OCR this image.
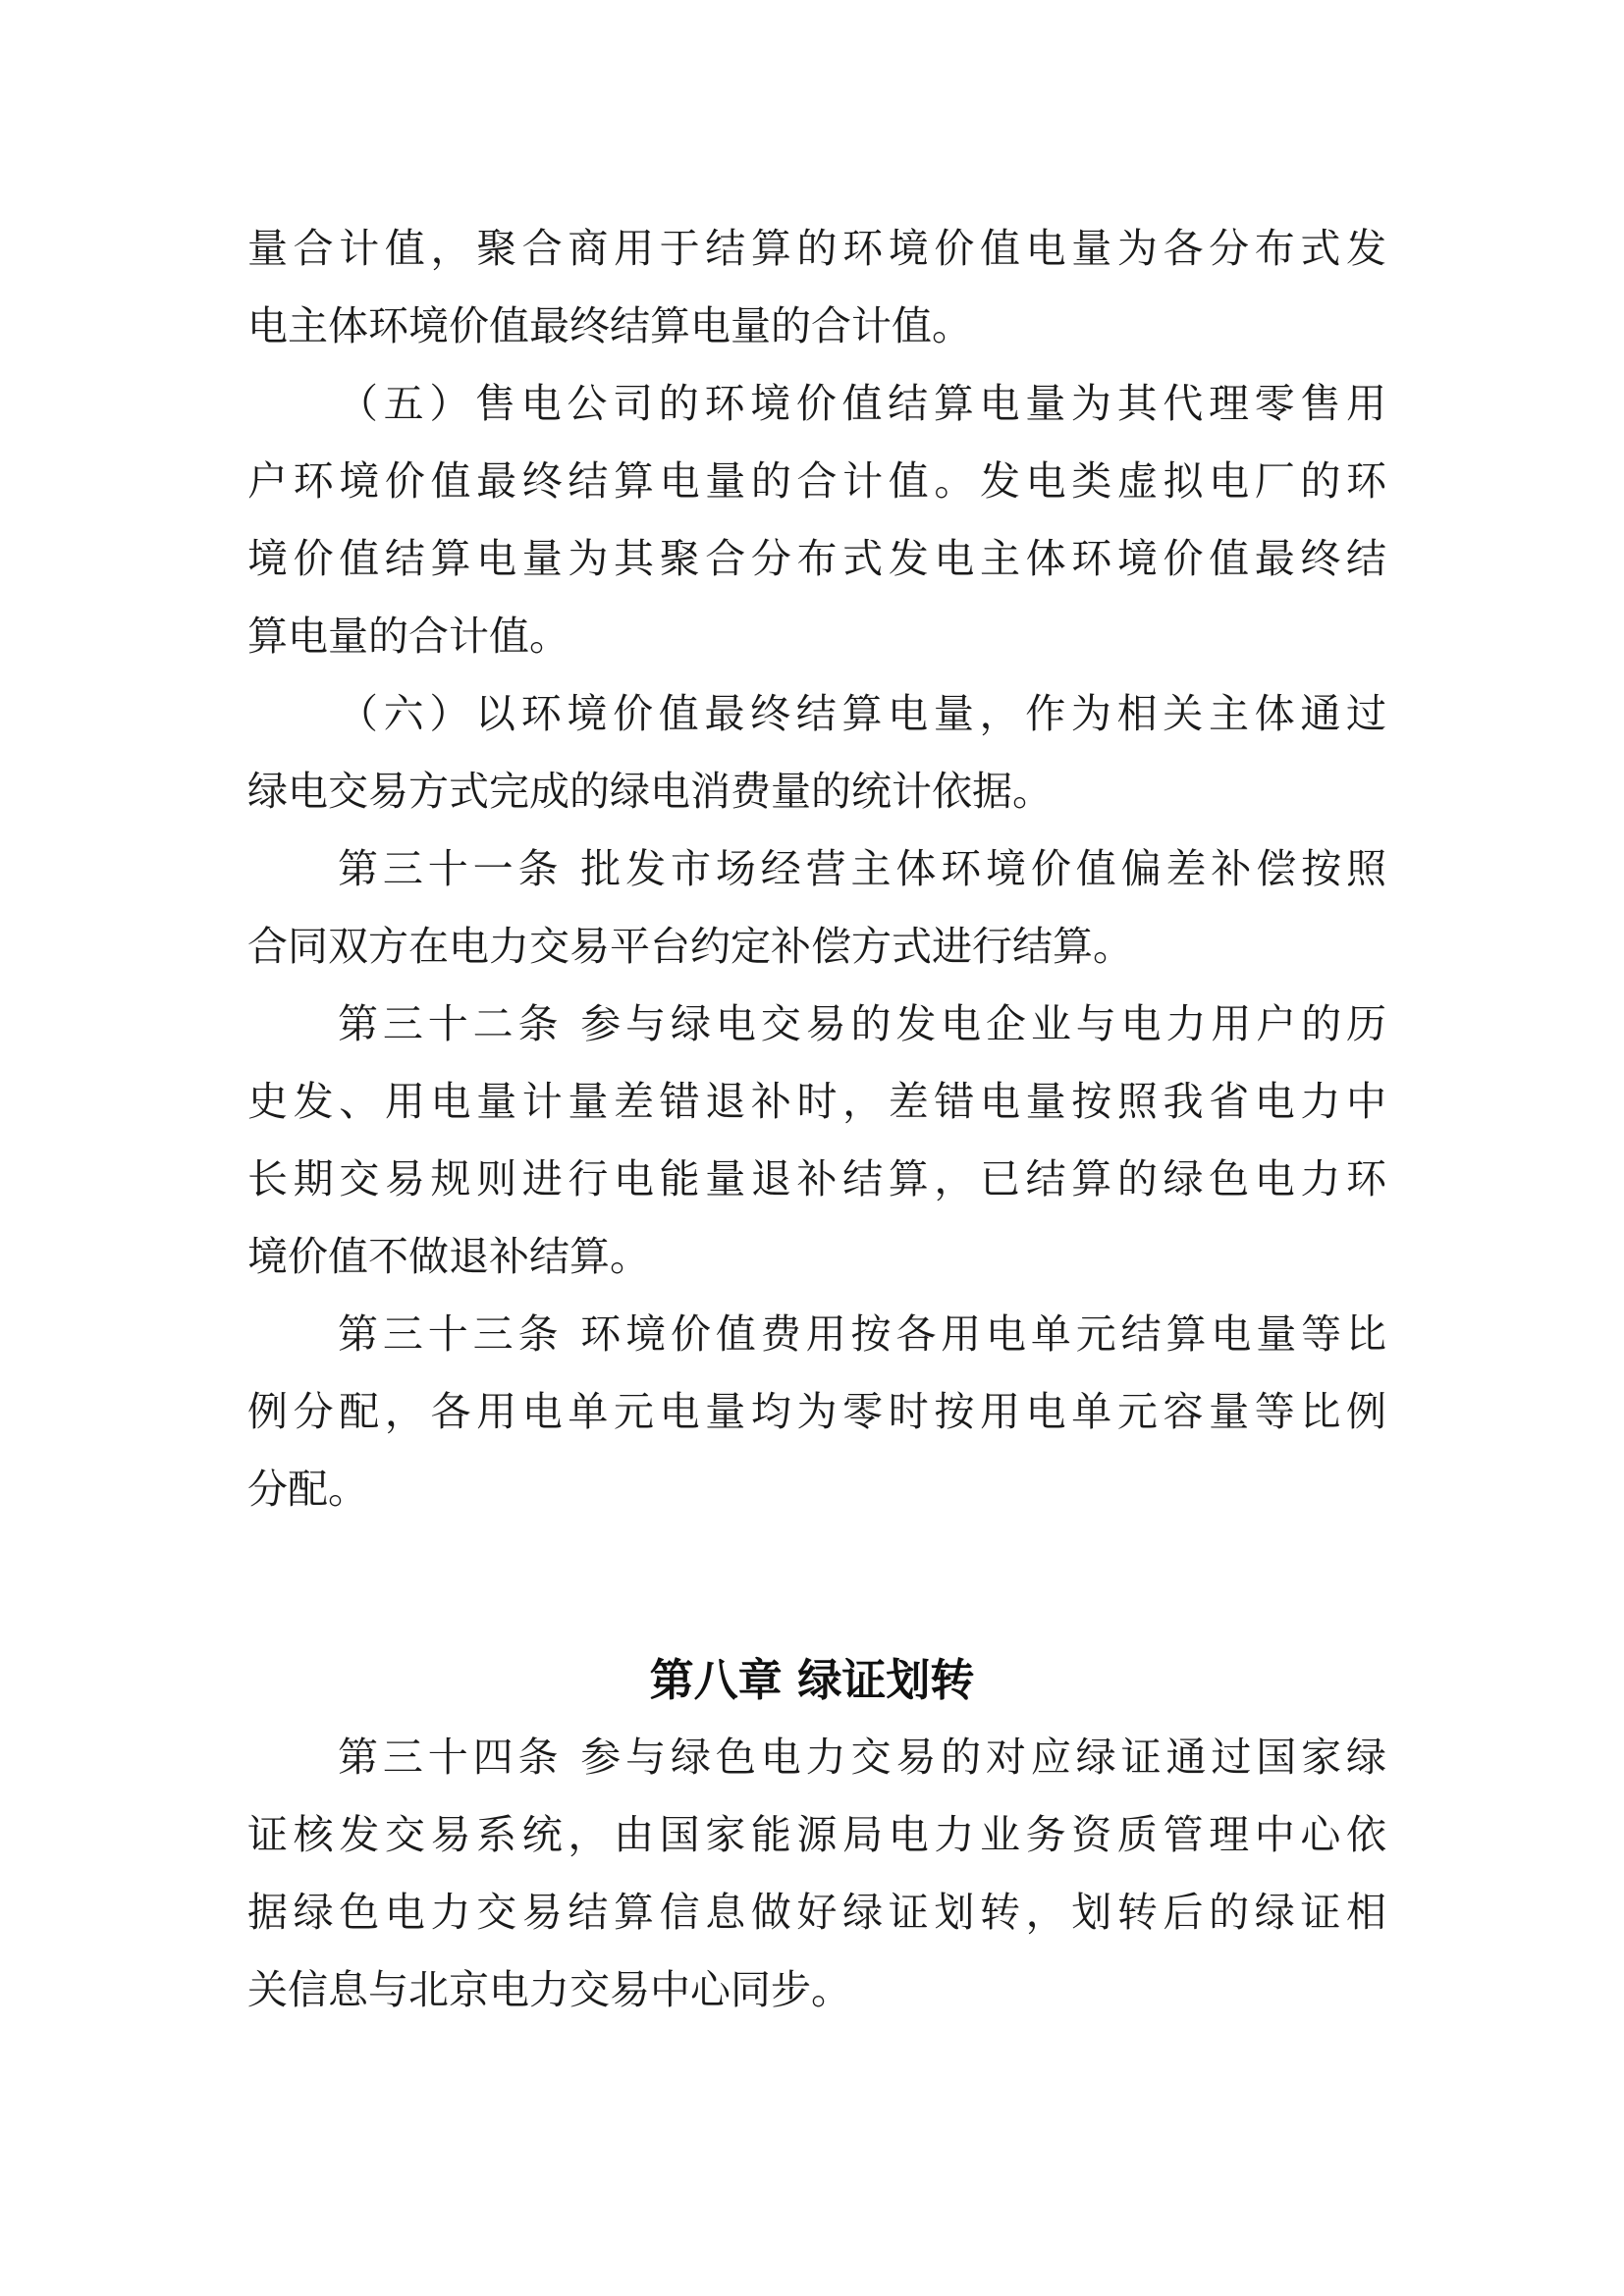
量合计值，聚合商用于结算的环境价值电量为各分布式发
电主体环境价值最终结算电量的合计值。
（五）售电公司的环境价值结算电量为其代理零售用
户环境价值最终结算电量的合计值。发电类虚拟电厂的环
境价值结算电量为其聚合分布式发电主体环境价值最终结
算电量的合计值。
（六）以环境价值最终结算电量，作为相关主体通过
绿电交易方式完成的绿电消费量的统计依据。
第三十一条 批发市场经营主体环境价值偏差补偿按照
合同双方在电力交易平台约定补偿方式进行结算。
第三十二条 参与绿电交易的发电企业与电力用户的历
史发、用电量计量差错退补时，差错电量按照我省电力中
长期交易规则进行电能量退补结算，已结算的绿色电力环
境价值不做退补结算。
第三十三条 环境价值费用按各用电单元结算电量等比
例分配，各用电单元电量均为零时按用电单元容量等比例
分配。
第八章 绿证划转
第三十四条 参与绿色电力交易的对应绿证通过国家绿
证核发交易系统，由国家能源局电力业务资质管理中心依
据绿色电力交易结算信息做好绿证划转，划转后的绿证相
关信息与北京电力交易中心同步。
